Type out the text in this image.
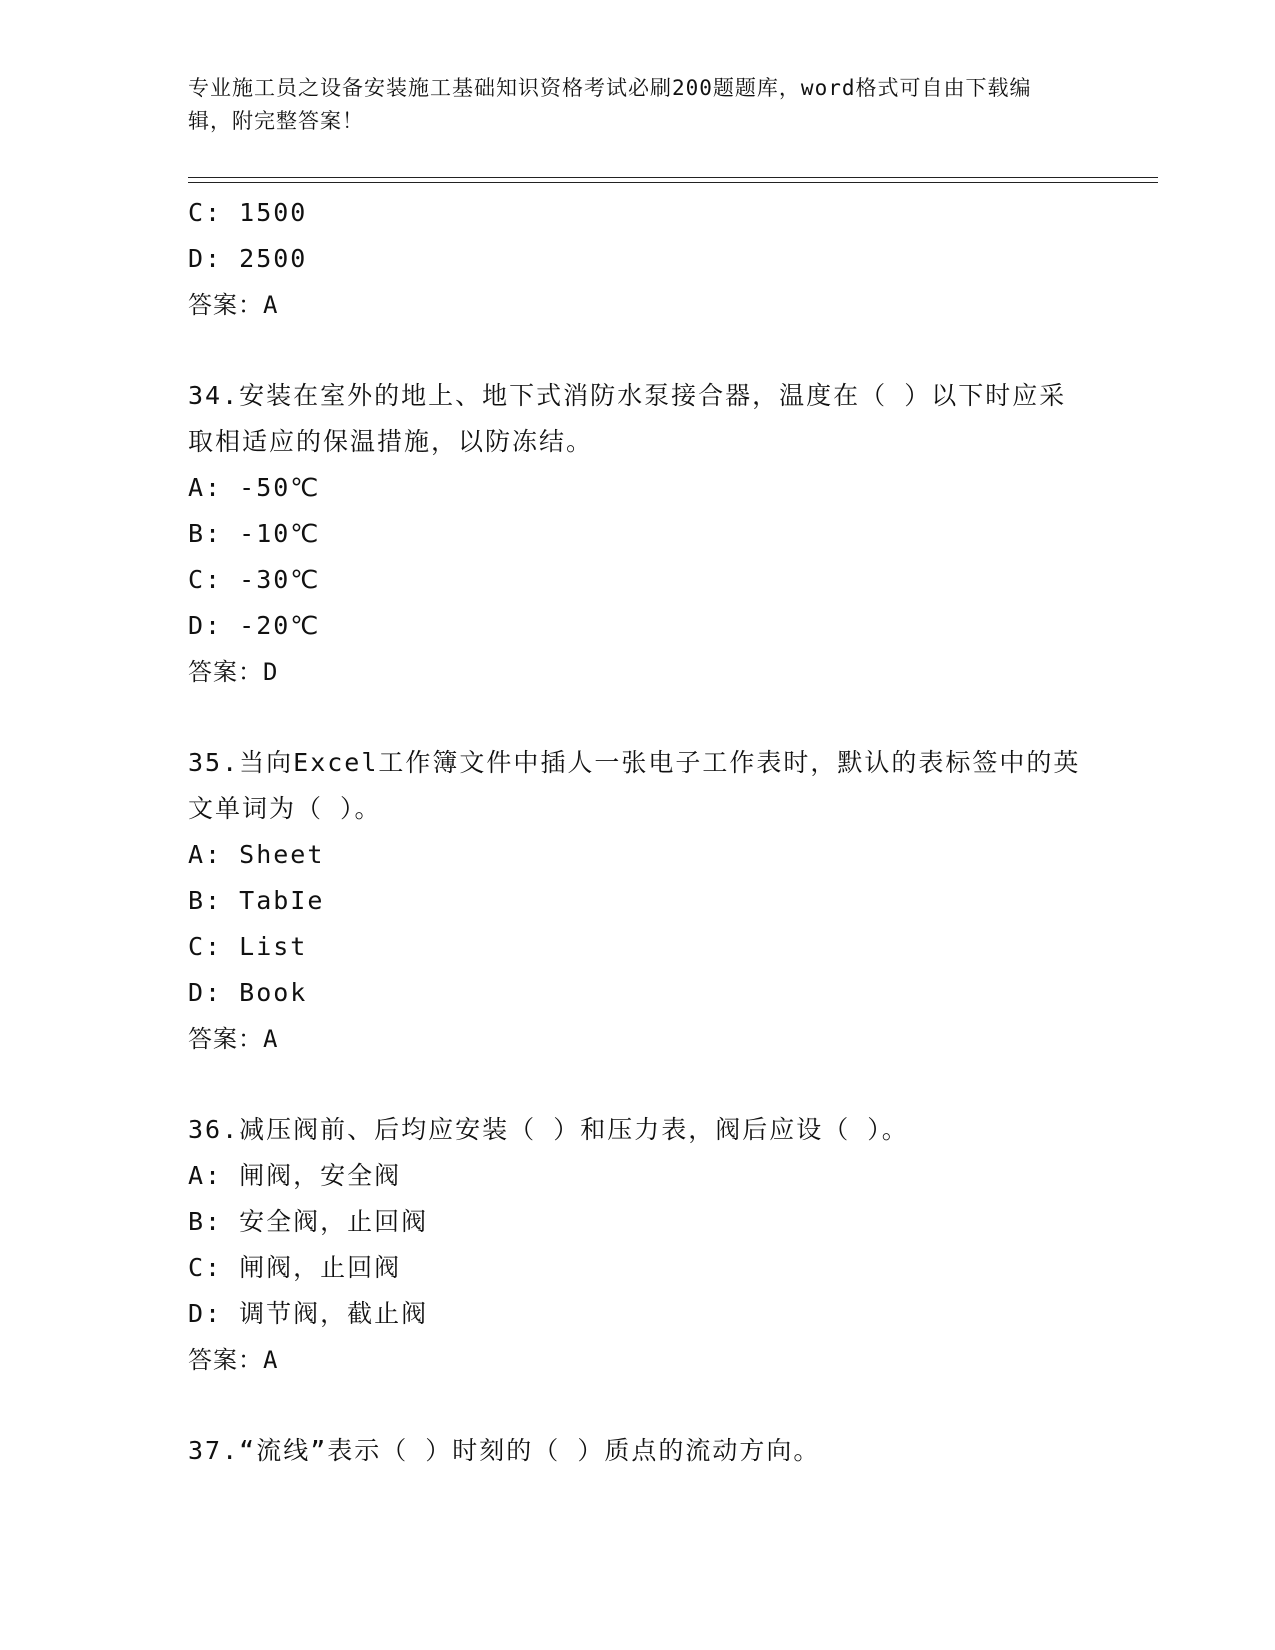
专业施工员之设备安装施工基础知识资格考试必刷200题题库，word格式可自由下载编辑，附完整答案！
C: 1500
D: 2500
答案：A
34.安装在室外的地上、地下式消防水泵接合器，温度在（ ）以下时应采取相适应的保温措施，以防冻结。
A: -50℃
B: -10℃
C: -30℃
D: -20℃
答案：D
35.当向Excel工作簿文件中插人一张电子工作表时，默认的表标签中的英文单词为（ ）。
A: Sheet
B: TabIe
C: List
D: Book
答案：A
36.减压阀前、后均应安装（ ）和压力表，阀后应设（ ）。
A: 闸阀，安全阀
B: 安全阀，止回阀
C: 闸阀，止回阀
D: 调节阀，截止阀
答案：A
37.“流线”表示（ ）时刻的（ ）质点的流动方向。
